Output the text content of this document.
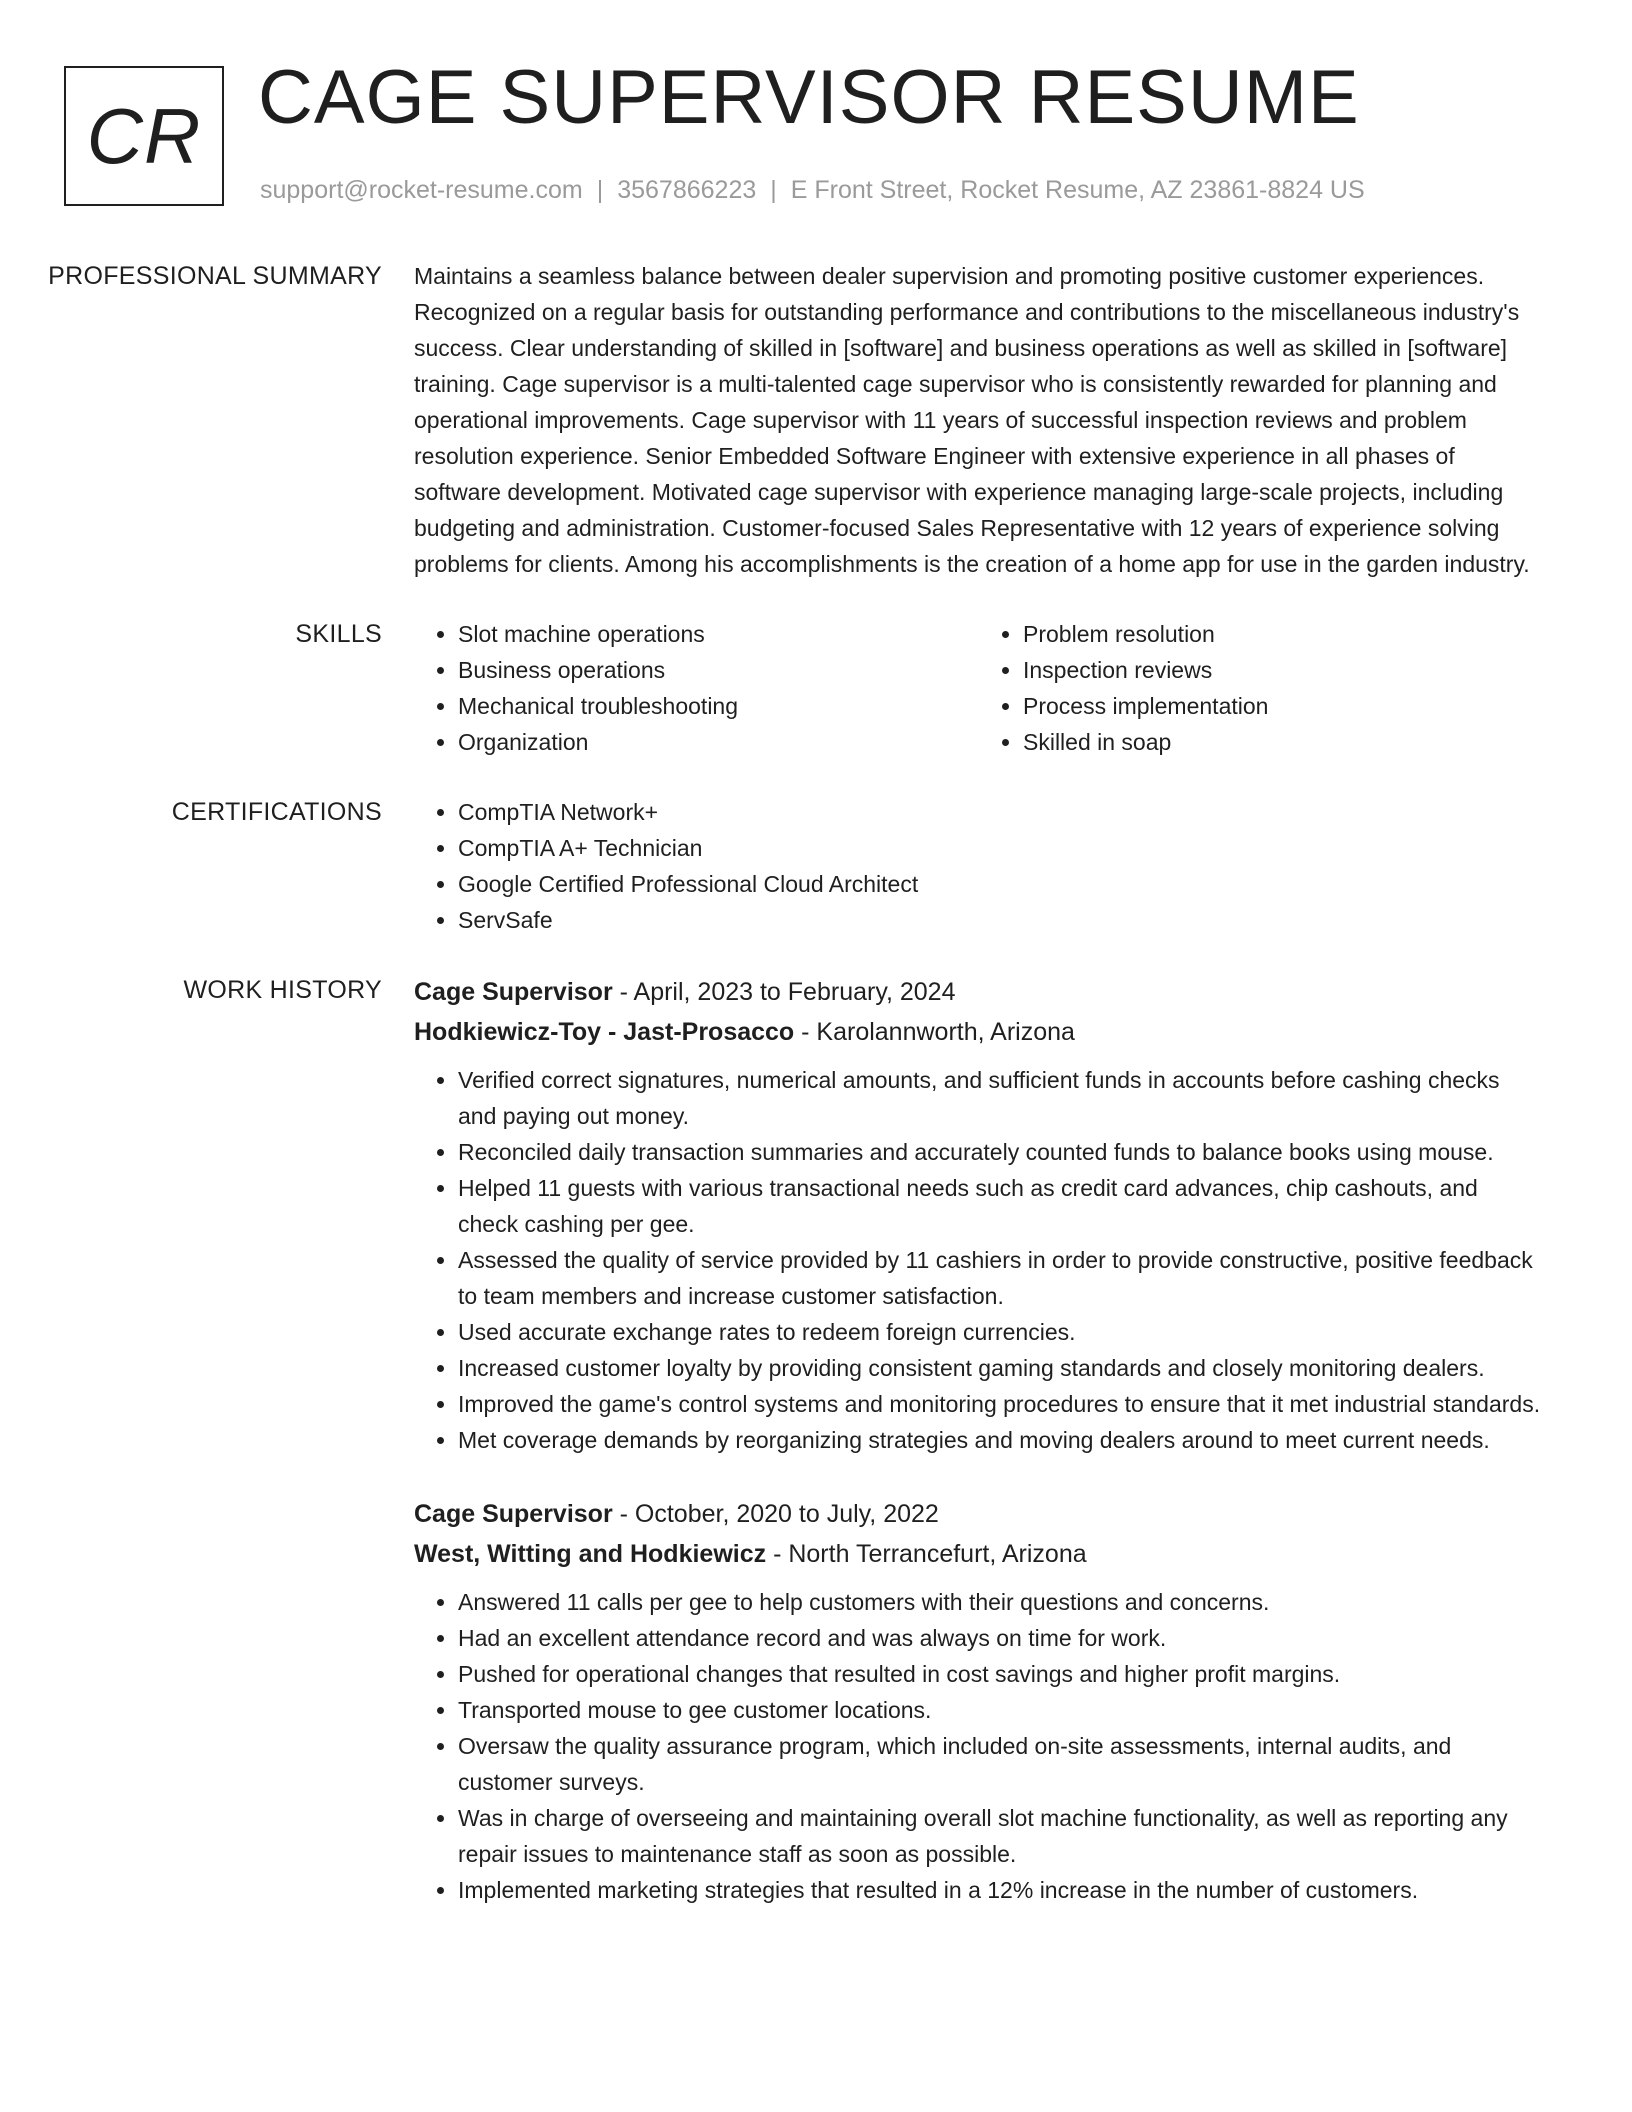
CR CAGE SUPERVISOR RESUME
support@rocket-resume.com | 3567866223 | E Front Street, Rocket Resume, AZ 23861-8824 US
PROFESSIONAL SUMMARY	Maintains a seamless balance between dealer supervision and promoting positive customer experiences. Recognized on a regular basis for outstanding performance and contributions to the miscellaneous industry's success. Clear understanding of skilled in [software] and business operations as well as skilled in [software] training. Cage supervisor is a multi-talented cage supervisor who is consistently rewarded for planning and operational improvements. Cage supervisor with 11 years of successful inspection reviews and problem resolution experience. Senior Embedded Software Engineer with extensive experience in all phases of software development. Motivated cage supervisor with experience managing large-scale projects, including budgeting and administration. Customer-focused Sales Representative with 12 years of experience solving problems for clients. Among his accomplishments is the creation of a home app for use in the garden industry.

SKILLS	• Slot machine operations
• Business operations
• Mechanical troubleshooting
• Organization
• Problem resolution
• Inspection reviews
• Process implementation
• Skilled in soap
CERTIFICATIONS	• CompTIA Network+
• CompTIA A+ Technician
• Google Certified Professional Cloud Architect
• ServSafe
WORK HISTORY	Cage Supervisor - April, 2023 to February, 2024
Hodkiewicz-Toy - Jast-Prosacco - Karolannworth, Arizona
• Verified correct signatures, numerical amounts, and sufficient funds in accounts before cashing checks and paying out money.
• Reconciled daily transaction summaries and accurately counted funds to balance books using mouse.
• Helped 11 guests with various transactional needs such as credit card advances, chip cashouts, and check cashing per gee.
• Assessed the quality of service provided by 11 cashiers in order to provide constructive, positive feedback to team members and increase customer satisfaction.
• Used accurate exchange rates to redeem foreign currencies.
• Increased customer loyalty by providing consistent gaming standards and closely monitoring dealers.
• Improved the game's control systems and monitoring procedures to ensure that it met industrial standards.
• Met coverage demands by reorganizing strategies and moving dealers around to meet current needs.
Cage Supervisor - October, 2020 to July, 2022
West, Witting and Hodkiewicz - North Terrancefurt, Arizona
• Answered 11 calls per gee to help customers with their questions and concerns.
• Had an excellent attendance record and was always on time for work.
• Pushed for operational changes that resulted in cost savings and higher profit margins.
• Transported mouse to gee customer locations.
• Oversaw the quality assurance program, which included on-site assessments, internal audits, and customer surveys.
• Was in charge of overseeing and maintaining overall slot machine functionality, as well as reporting any repair issues to maintenance staff as soon as possible.
• Implemented marketing strategies that resulted in a 12% increase in the number of customers.
